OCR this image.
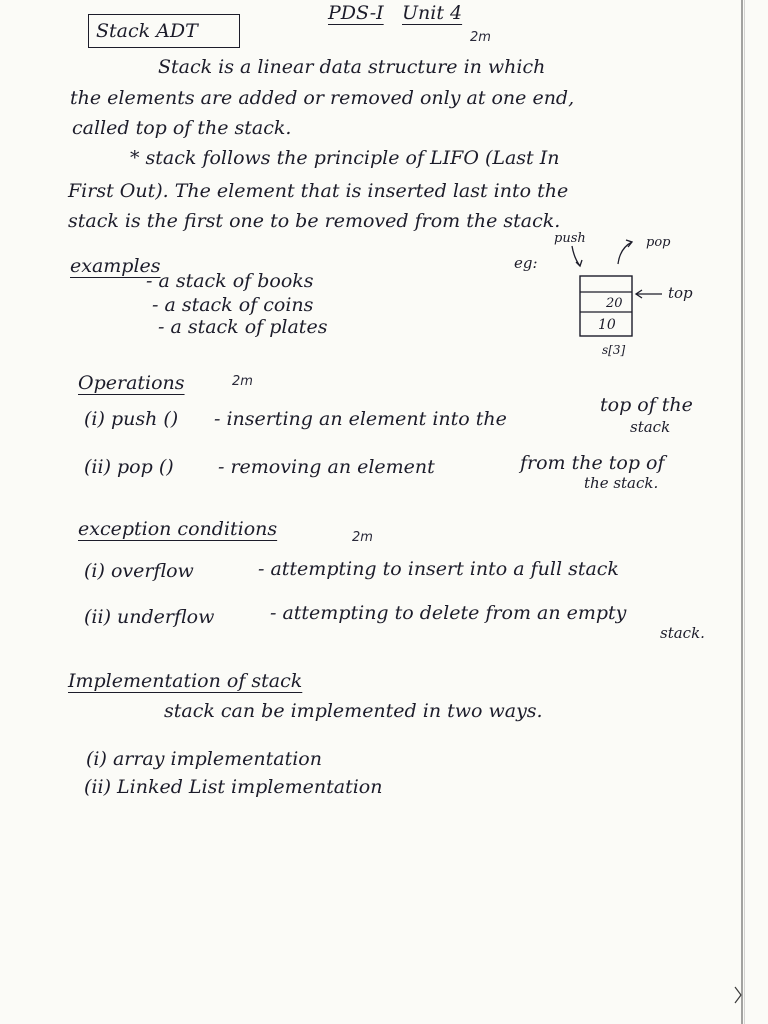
Stack ADT
PDS-I Unit 4
2m
Stack is a linear data structure in which
the elements are added or removed only at one end,
called top of the stack.
* stack follows the principle of LIFO (Last In
First Out). The element that is inserted last into the
stack is the first one to be removed from the stack.
examples
- a stack of books
- a stack of coins
- a stack of plates
eg:
push	pop
20
10
top
s[3]
Operations	2m
(i) push () - inserting an element into the
top of the
stack
(ii) pop () - removing an element	from the top of
the stack.
exception conditions	2m
(i) overflow	- attempting to insert into a full stack
(ii) underflow	- attempting to delete from an empty
stack.
Implementation of stack
stack can be implemented in two ways.
(i) array implementation
(ii) Linked List implementation
